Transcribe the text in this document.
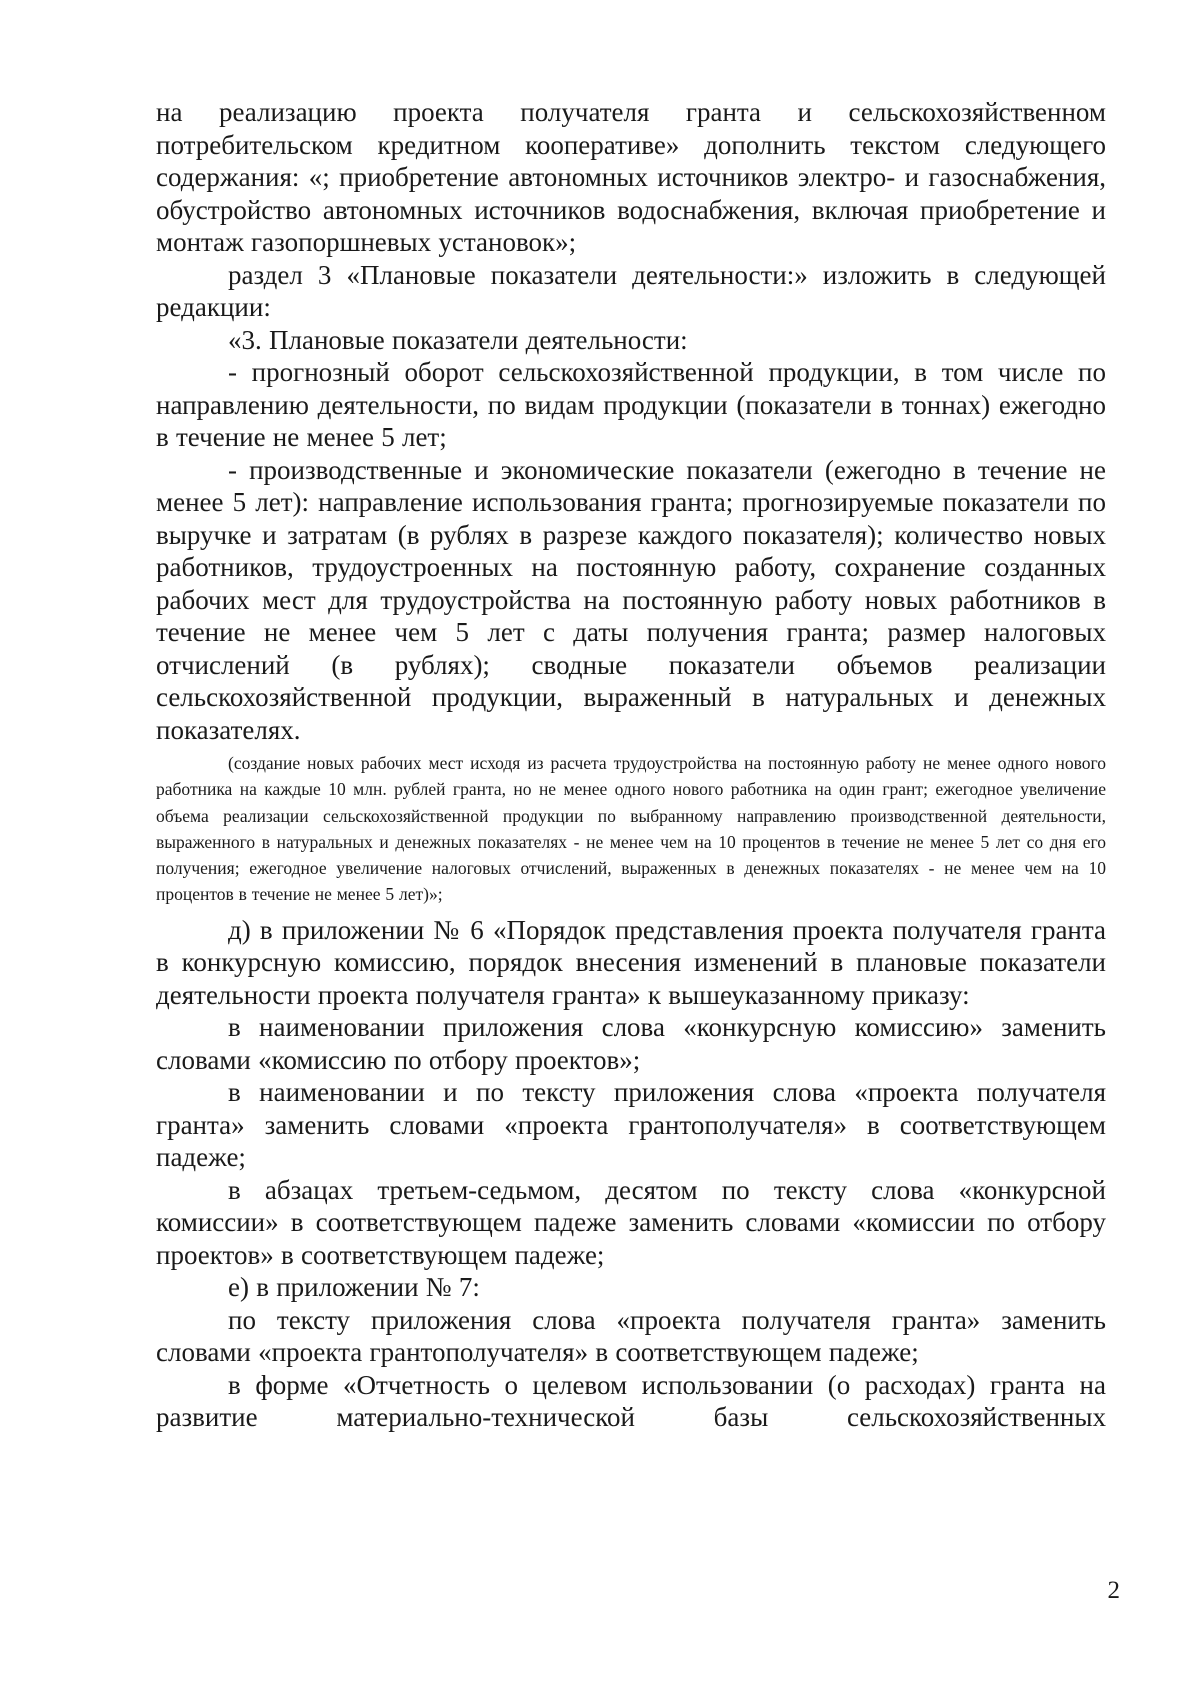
на реализацию проекта получателя гранта и сельскохозяйственном потребительском кредитном кооперативе» дополнить текстом следующего содержания: «; приобретение автономных источников электро- и газоснабжения, обустройство автономных источников водоснабжения, включая приобретение и монтаж газопоршневых установок»;

раздел 3 «Плановые показатели деятельности:» изложить в следующей редакции:

«3. Плановые показатели деятельности:

- прогнозный оборот сельскохозяйственной продукции, в том числе по направлению деятельности, по видам продукции (показатели в тоннах) ежегодно в течение не менее 5 лет;

- производственные и экономические показатели (ежегодно в течение не менее 5 лет): направление использования гранта; прогнозируемые показатели по выручке и затратам (в рублях в разрезе каждого показателя); количество новых работников, трудоустроенных на постоянную работу, сохранение созданных рабочих мест для трудоустройства на постоянную работу новых работников в течение не менее чем 5 лет с даты получения гранта; размер налоговых отчислений (в рублях); сводные показатели объемов реализации сельскохозяйственной продукции, выраженный в натуральных и денежных показателях.

(создание новых рабочих мест исходя из расчета трудоустройства на постоянную работу не менее одного нового работника на каждые 10 млн. рублей гранта, но не менее одного нового работника на один грант; ежегодное увеличение объема реализации сельскохозяйственной продукции по выбранному направлению производственной деятельности, выраженного в натуральных и денежных показателях - не менее чем на 10 процентов в течение не менее 5 лет со дня его получения; ежегодное увеличение налоговых отчислений, выраженных в денежных показателях - не менее чем на 10 процентов в течение не менее 5 лет)»;

д) в приложении № 6 «Порядок представления проекта получателя гранта в конкурсную комиссию, порядок внесения изменений в плановые показатели деятельности проекта получателя гранта» к вышеуказанному приказу:

в наименовании приложения слова «конкурсную комиссию» заменить словами «комиссию по отбору проектов»;

в наименовании и по тексту приложения слова «проекта получателя гранта» заменить словами «проекта грантополучателя» в соответствующем падеже;

в абзацах третьем-седьмом, десятом по тексту слова «конкурсной комиссии» в соответствующем падеже заменить словами «комиссии по отбору проектов» в соответствующем падеже;

е) в приложении № 7:

по тексту приложения слова «проекта получателя гранта» заменить словами «проекта грантополучателя» в соответствующем падеже;

в форме «Отчетность о целевом использовании (о расходах) гранта на развитие материально-технической базы сельскохозяйственных

2
